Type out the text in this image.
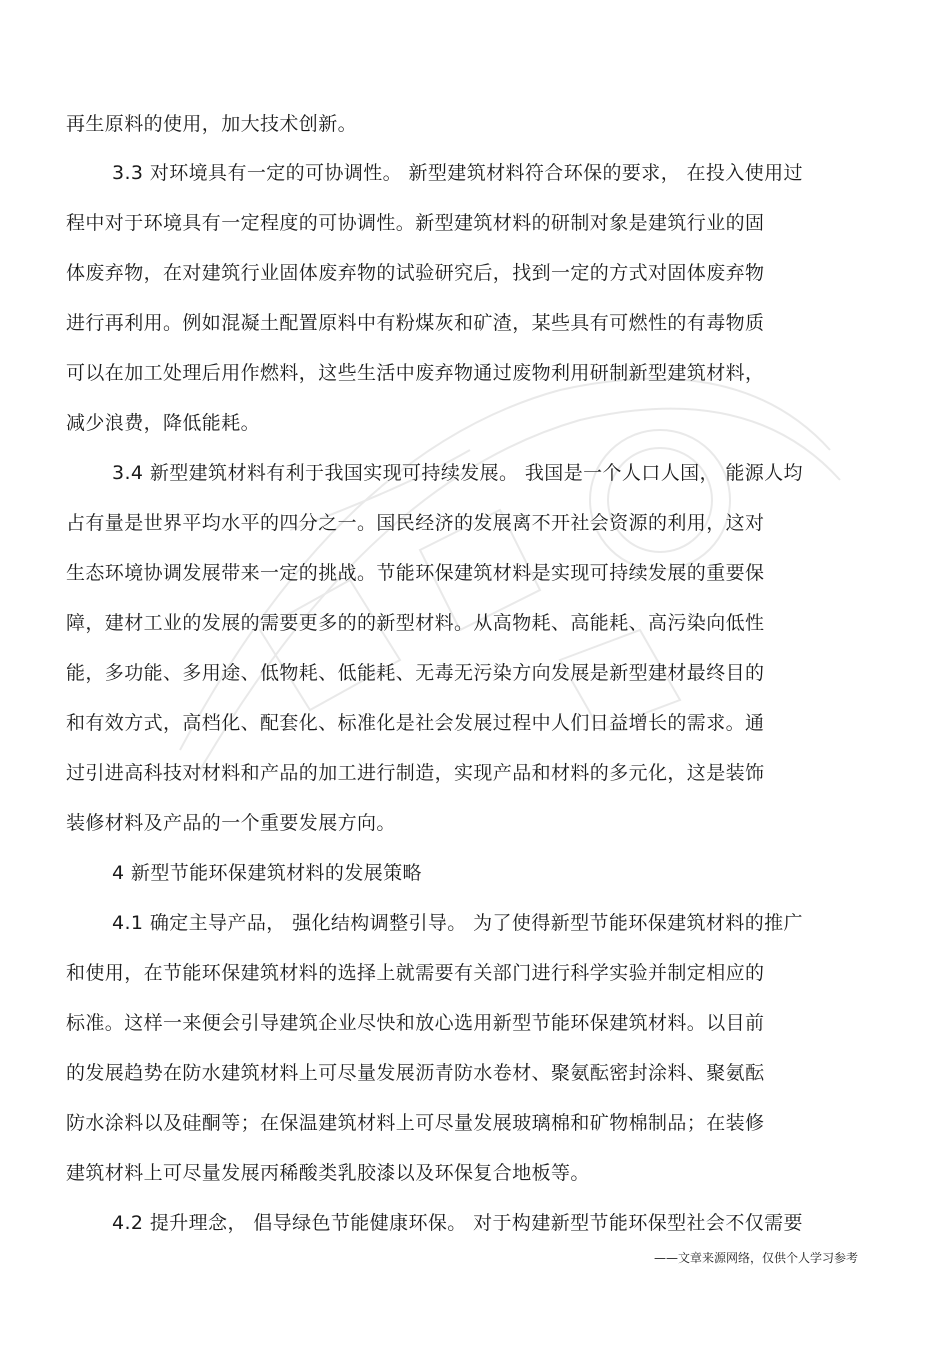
再生原料的使用，加大技术创新。
3.3 对环境具有一定的可协调性。 新型建筑材料符合环保的要求， 在投入使用过
程中对于环境具有一定程度的可协调性。新型建筑材料的研制对象是建筑行业的固
体废弃物，在对建筑行业固体废弃物的试验研究后，找到一定的方式对固体废弃物
进行再利用。例如混凝土配置原料中有粉煤灰和矿渣，某些具有可燃性的有毒物质
可以在加工处理后用作燃料，这些生活中废弃物通过废物利用研制新型建筑材料，
减少浪费，降低能耗。
3.4 新型建筑材料有利于我国实现可持续发展。 我国是一个人口人国， 能源人均
占有量是世界平均水平的四分之一。国民经济的发展离不开社会资源的利用，这对
生态环境协调发展带来一定的挑战。节能环保建筑材料是实现可持续发展的重要保
障，建材工业的发展的需要更多的的新型材料。从高物耗、高能耗、高污染向低性
能，多功能、多用途、低物耗、低能耗、无毒无污染方向发展是新型建材最终目的
和有效方式，高档化、配套化、标准化是社会发展过程中人们日益增长的需求。通
过引进高科技对材料和产品的加工进行制造，实现产品和材料的多元化，这是装饰
装修材料及产品的一个重要发展方向。
4 新型节能环保建筑材料的发展策略
4.1 确定主导产品， 强化结构调整引导。 为了使得新型节能环保建筑材料的推广
和使用，在节能环保建筑材料的选择上就需要有关部门进行科学实验并制定相应的
标准。这样一来便会引导建筑企业尽快和放心选用新型节能环保建筑材料。以目前
的发展趋势在防水建筑材料上可尽量发展沥青防水卷材、聚氨酝密封涂料、聚氨酝
防水涂料以及硅酮等；在保温建筑材料上可尽量发展玻璃棉和矿物棉制品；在装修
建筑材料上可尽量发展丙稀酸类乳胶漆以及环保复合地板等。
4.2 提升理念， 倡导绿色节能健康环保。 对于构建新型节能环保型社会不仅需要
——文章来源网络，仅供个人学习参考
